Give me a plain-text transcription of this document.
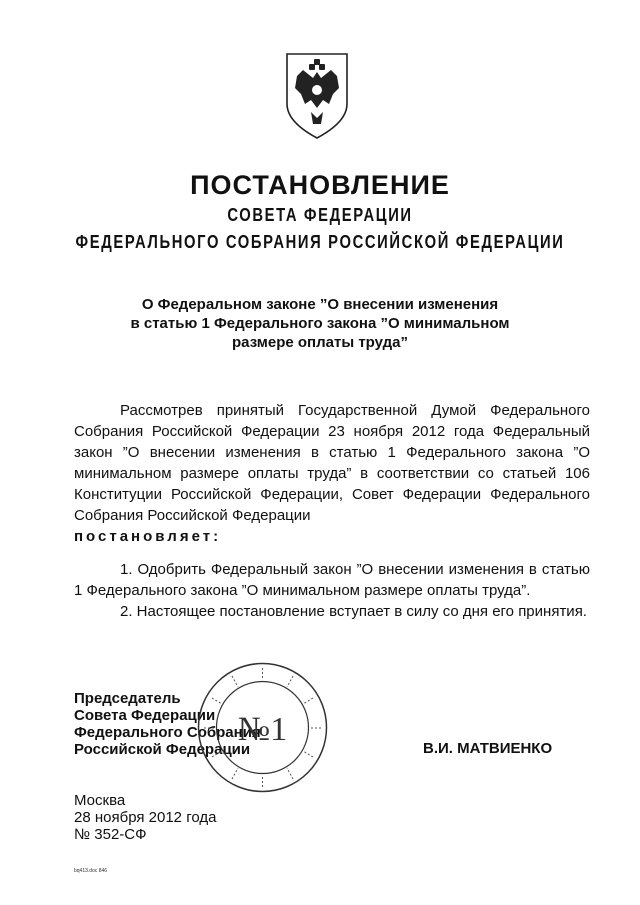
ПОСТАНОВЛЕНИЕ
СОВЕТА ФЕДЕРАЦИИ
ФЕДЕРАЛЬНОГО СОБРАНИЯ РОССИЙСКОЙ ФЕДЕРАЦИИ
О Федеральном законе ”О внесении изменения
в статью 1 Федерального закона ”О минимальном
размере оплаты труда”

Рассмотрев принятый Государственной Думой Федерального Собрания Российской Федерации 23 ноября 2012 года Федеральный закон ”О внесении изменения в статью 1 Федерального закона ”О минимальном размере оплаты труда” в соответствии со статьей 106 Конституции Российской Федерации, Совет Федерации Федерального Собрания Российской Федерации

постановляет:

1. Одобрить Федеральный закон ”О внесении изменения в статью 1 Федерального закона ”О минимальном размере оплаты труда”.

2. Настоящее постановление вступает в силу со дня его принятия.

Председатель
Совета Федерации
Федерального Собрания
Российской Федерации
№1
В.И. МАТВИЕНКО
Москва
28 ноября 2012 года
№ 352-СФ
bq413.doc 846
